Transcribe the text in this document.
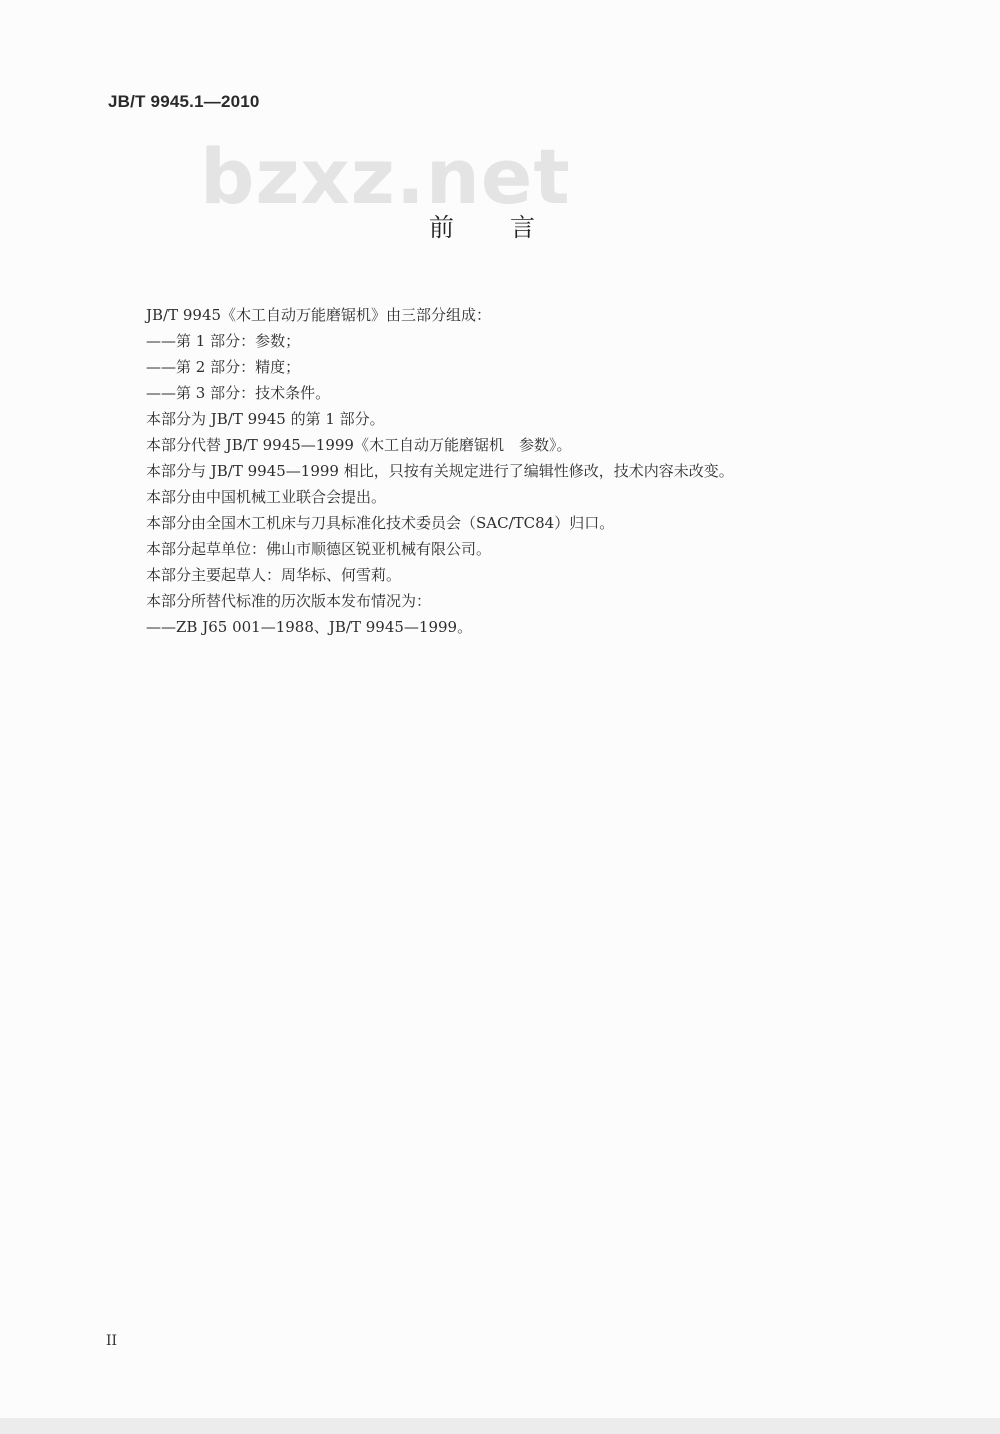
JB/T 9945.1—2010
bzxz.net
前言
JB/T 9945《木工自动万能磨锯机》由三部分组成：
——第 1 部分：参数；
——第 2 部分：精度；
——第 3 部分：技术条件。
本部分为 JB/T 9945 的第 1 部分。
本部分代替 JB/T 9945—1999《木工自动万能磨锯机　参数》。
本部分与 JB/T 9945—1999 相比，只按有关规定进行了编辑性修改，技术内容未改变。
本部分由中国机械工业联合会提出。
本部分由全国木工机床与刀具标准化技术委员会（SAC/TC84）归口。
本部分起草单位：佛山市顺德区锐亚机械有限公司。
本部分主要起草人：周华标、何雪莉。
本部分所替代标准的历次版本发布情况为：
——ZB J65 001—1988、JB/T 9945—1999。
II
